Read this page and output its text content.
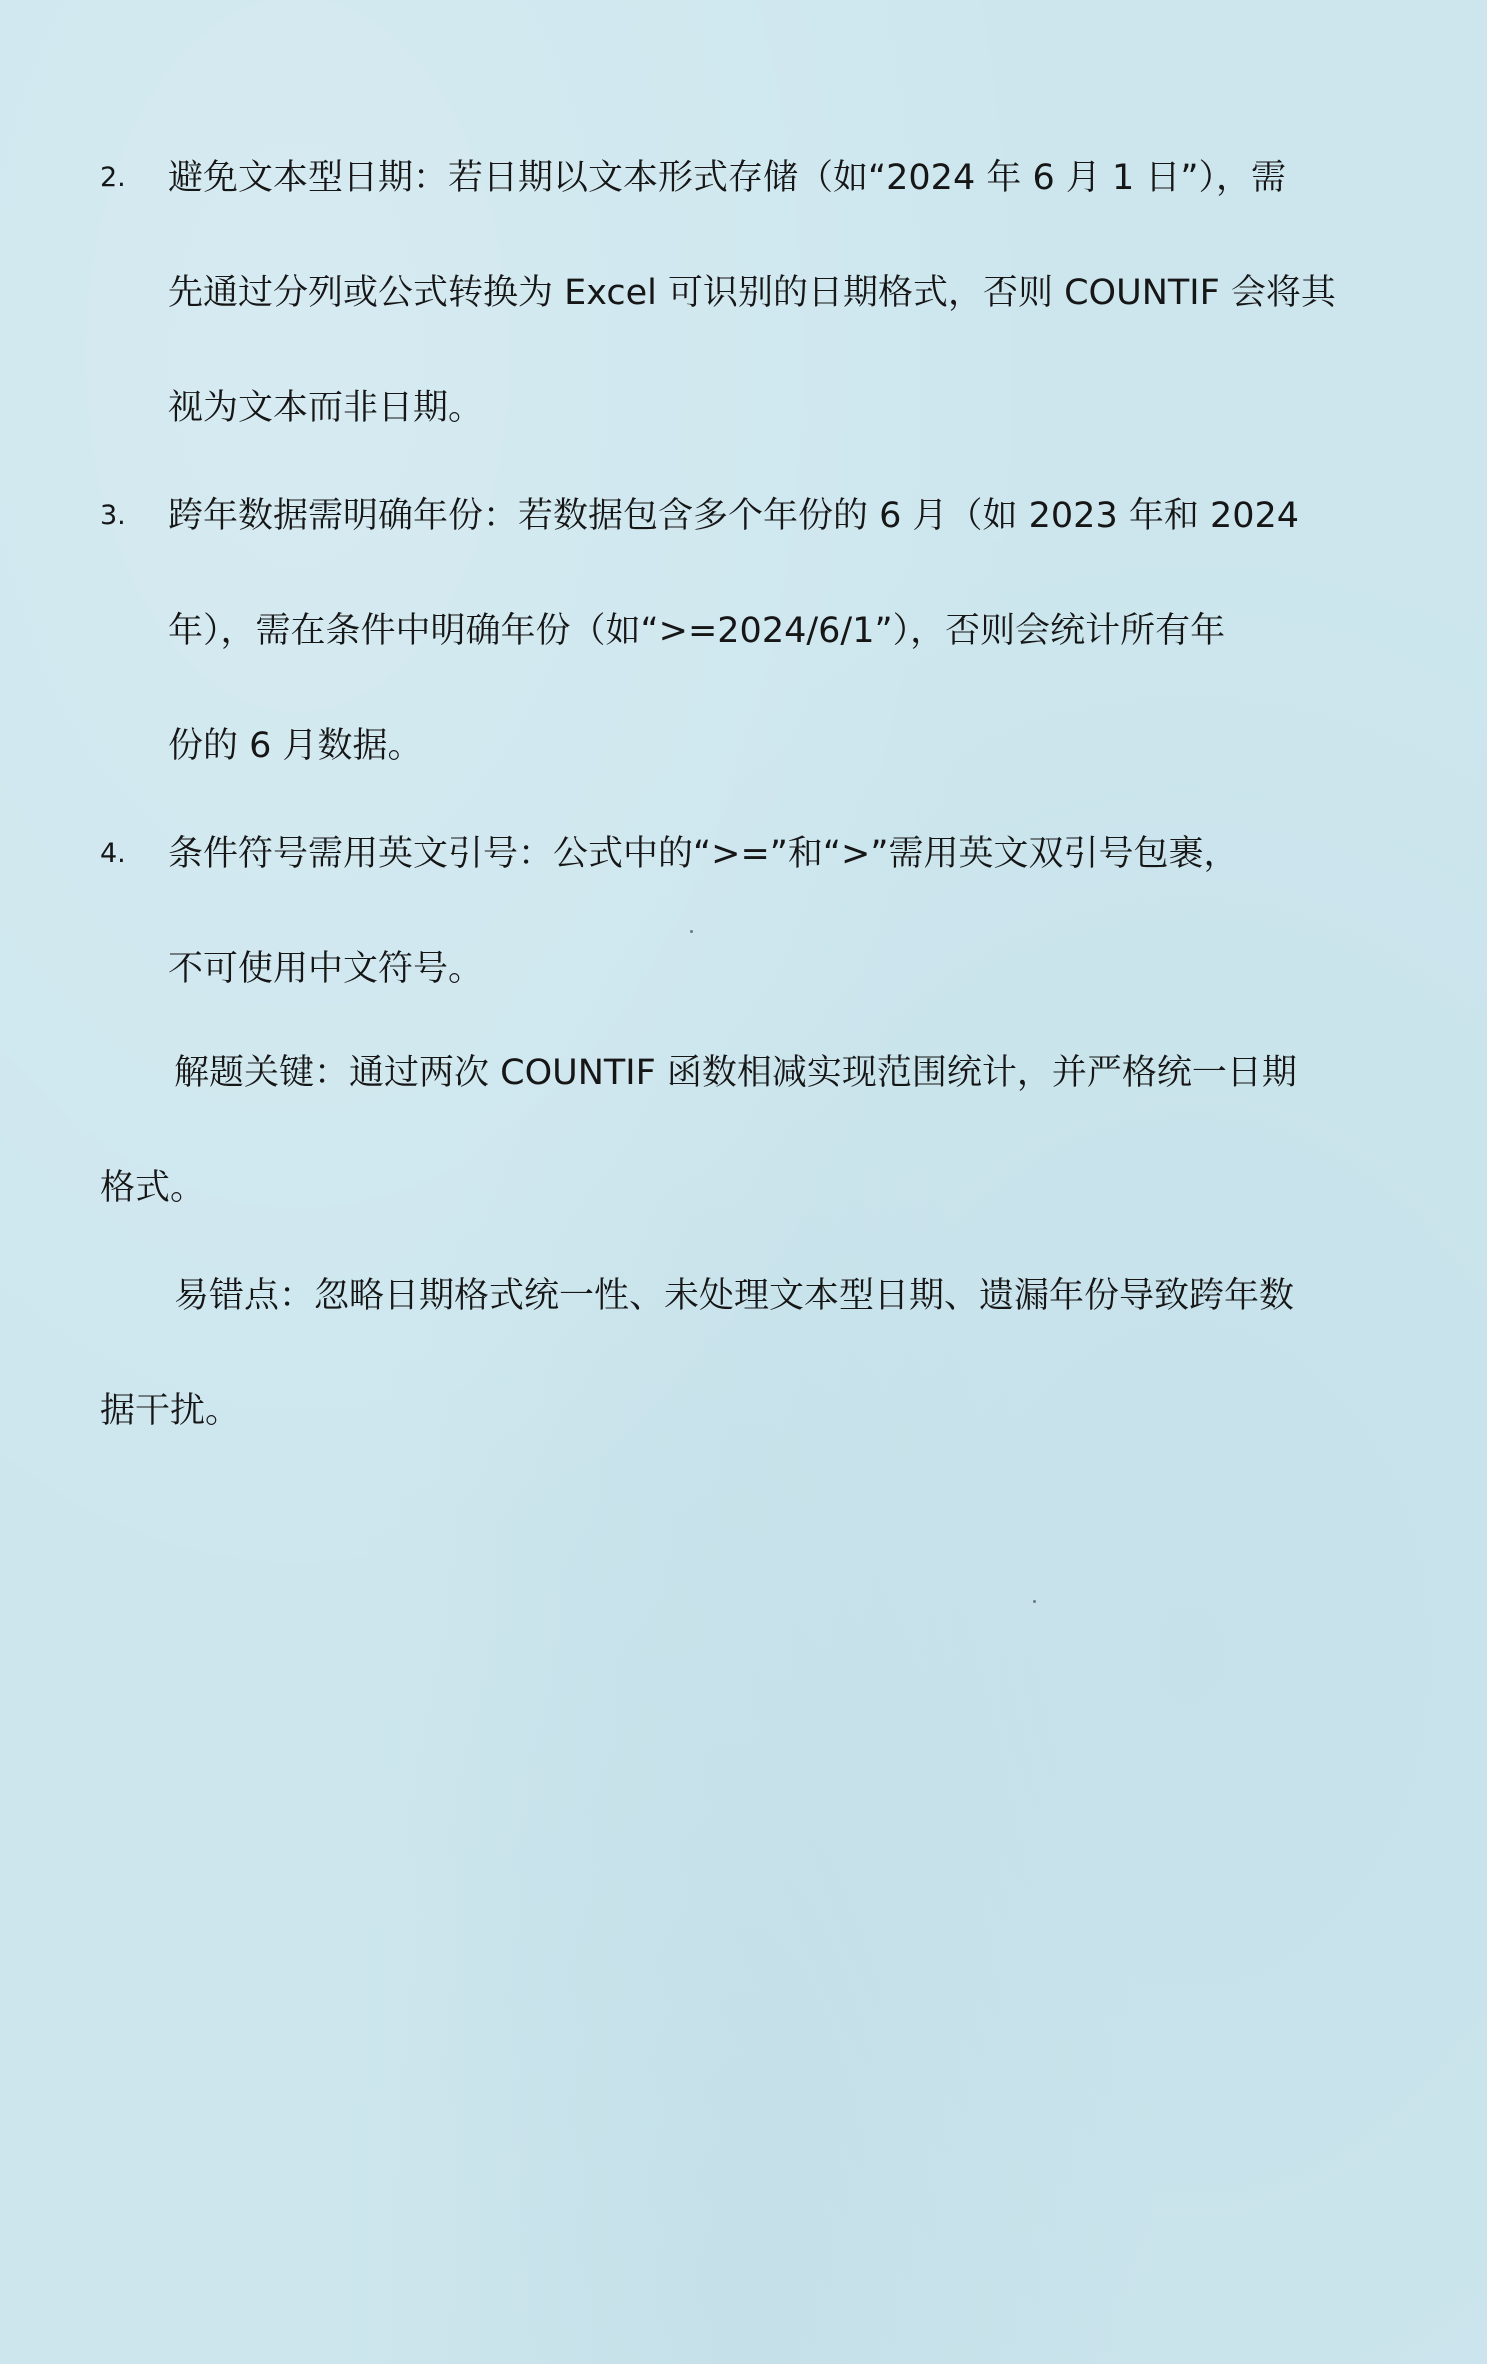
2. 避免文本型日期：若日期以文本形式存储（如“2024 年 6 月 1 日”），需
先通过分列或公式转换为 Excel 可识别的日期格式，否则 COUNTIF 会将其
视为文本而非日期。
3. 跨年数据需明确年份：若数据包含多个年份的 6 月（如 2023 年和 2024
年），需在条件中明确年份（如“>=2024/6/1”），否则会统计所有年
份的 6 月数据。
4. 条件符号需用英文引号：公式中的“>=”和“>”需用英文双引号包裹，
不可使用中文符号。
解题关键：通过两次 COUNTIF 函数相减实现范围统计，并严格统一日期
格式。
易错点：忽略日期格式统一性、未处理文本型日期、遗漏年份导致跨年数
据干扰。
